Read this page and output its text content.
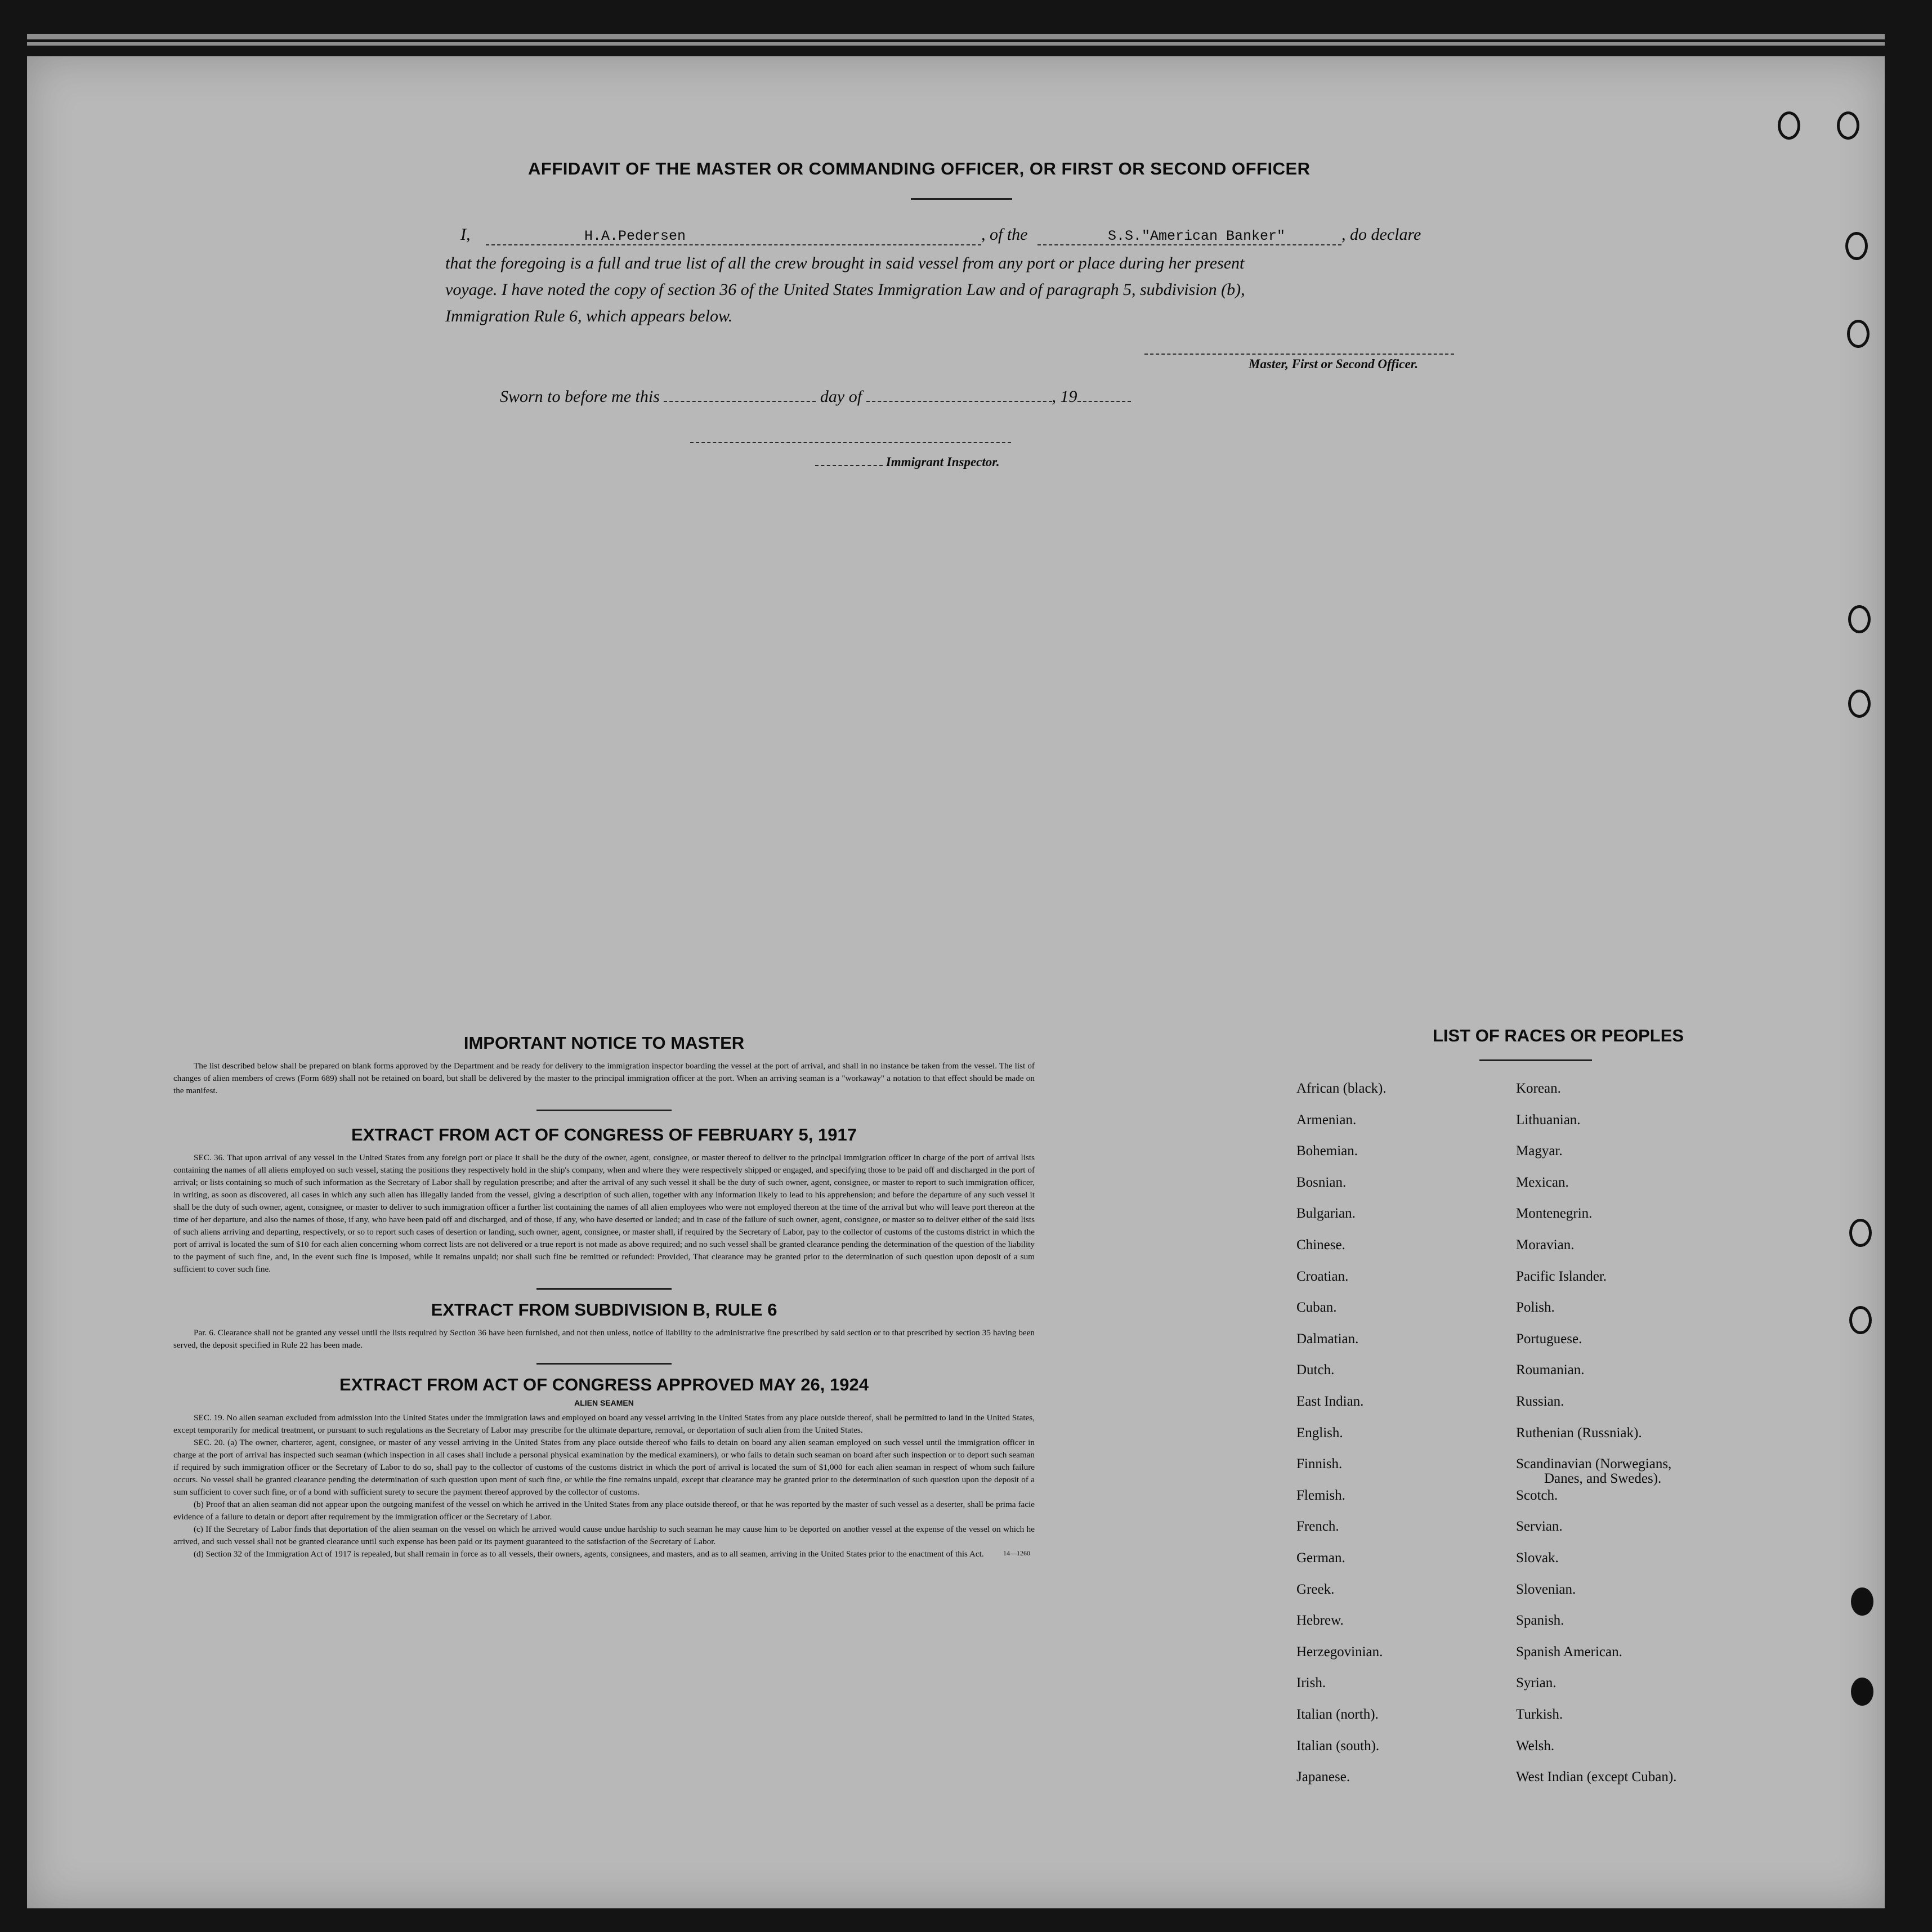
AFFIDAVIT OF THE MASTER OR COMMANDING OFFICER, OR FIRST OR SECOND OFFICER
I,	H.A.Pedersen	, of the	S.S."American Banker"	, do declare
that the foregoing is a full and true list of all the crew brought in said vessel from any port or place during her present
voyage. I have noted the copy of section 36 of the United States Immigration Law and of paragraph 5, subdivision (b),
Immigration Rule 6, which appears below.
Master, First or Second Officer.
Sworn to before me this	day of	, 19
Immigrant Inspector.
IMPORTANT NOTICE TO MASTER

The list described below shall be prepared on blank forms approved by the Department and be ready for delivery to the immigration inspector boarding the vessel at the port of arrival, and shall in no instance be taken from the vessel. The list of changes of alien members of crews (Form 689) shall not be retained on board, but shall be delivered by the master to the principal immigration officer at the port. When an arriving seaman is a "workaway" a notation to that effect should be made on the manifest.

EXTRACT FROM ACT OF CONGRESS OF FEBRUARY 5, 1917

SEC. 36. That upon arrival of any vessel in the United States from any foreign port or place it shall be the duty of the owner, agent, consignee, or master thereof to deliver to the principal immigration officer in charge of the port of arrival lists containing the names of all aliens employed on such vessel, stating the positions they respectively hold in the ship's company, when and where they were respectively shipped or engaged, and specifying those to be paid off and discharged in the port of arrival; or lists containing so much of such information as the Secretary of Labor shall by regulation prescribe; and after the arrival of any such vessel it shall be the duty of such owner, agent, consignee, or master to report to such immigration officer, in writing, as soon as discovered, all cases in which any such alien has illegally landed from the vessel, giving a description of such alien, together with any information likely to lead to his apprehension; and before the departure of any such vessel it shall be the duty of such owner, agent, consignee, or master to deliver to such immigration officer a further list containing the names of all alien employees who were not employed thereon at the time of the arrival but who will leave port thereon at the time of her departure, and also the names of those, if any, who have been paid off and discharged, and of those, if any, who have deserted or landed; and in case of the failure of such owner, agent, consignee, or master so to deliver either of the said lists of such aliens arriving and departing, respectively, or so to report such cases of desertion or landing, such owner, agent, consignee, or master shall, if required by the Secretary of Labor, pay to the collector of customs of the customs district in which the port of arrival is located the sum of $10 for each alien concerning whom correct lists are not delivered or a true report is not made as above required; and no such vessel shall be granted clearance pending the determination of the question of the liability to the payment of such fine, and, in the event such fine is imposed, while it remains unpaid; nor shall such fine be remitted or refunded: Provided, That clearance may be granted prior to the determination of such question upon deposit of a sum sufficient to cover such fine.

EXTRACT FROM SUBDIVISION B, RULE 6

Par. 6. Clearance shall not be granted any vessel until the lists required by Section 36 have been furnished, and not then unless, notice of liability to the administrative fine prescribed by said section or to that prescribed by section 35 having been served, the deposit specified in Rule 22 has been made.

EXTRACT FROM ACT OF CONGRESS APPROVED MAY 26, 1924
ALIEN SEAMEN

SEC. 19. No alien seaman excluded from admission into the United States under the immigration laws and employed on board any vessel arriving in the United States from any place outside thereof, shall be permitted to land in the United States, except temporarily for medical treatment, or pursuant to such regulations as the Secretary of Labor may prescribe for the ultimate departure, removal, or deportation of such alien from the United States.

SEC. 20. (a) The owner, charterer, agent, consignee, or master of any vessel arriving in the United States from any place outside thereof who fails to detain on board any alien seaman employed on such vessel until the immigration officer in charge at the port of arrival has inspected such seaman (which inspection in all cases shall include a personal physical examination by the medical examiners), or who fails to detain such seaman on board after such inspection or to deport such seaman if required by such immigration officer or the Secretary of Labor to do so, shall pay to the collector of customs of the customs district in which the port of arrival is located the sum of $1,000 for each alien seaman in respect of whom such failure occurs. No vessel shall be granted clearance pending the determination of such question upon ment of such fine, or while the fine remains unpaid, except that clearance may be granted prior to the determination of such question upon the deposit of a sum sufficient to cover such fine, or of a bond with sufficient surety to secure the payment thereof approved by the collector of customs.

(b) Proof that an alien seaman did not appear upon the outgoing manifest of the vessel on which he arrived in the United States from any place outside thereof, or that he was reported by the master of such vessel as a deserter, shall be prima facie evidence of a failure to detain or deport after requirement by the immigration officer or the Secretary of Labor.

(c) If the Secretary of Labor finds that deportation of the alien seaman on the vessel on which he arrived would cause undue hardship to such seaman he may cause him to be deported on another vessel at the expense of the vessel on which he arrived, and such vessel shall not be granted clearance until such expense has been paid or its payment guaranteed to the satisfaction of the Secretary of Labor.

(d) Section 32 of the Immigration Act of 1917 is repealed, but shall remain in force as to all vessels, their owners, agents, consignees, and masters, and as to all seamen, arriving in the United States prior to the enactment of this Act.	14—1260
LIST OF RACES OR PEOPLES
African (black).
Armenian.
Bohemian.
Bosnian.
Bulgarian.
Chinese.
Croatian.
Cuban.
Dalmatian.
Dutch.
East Indian.
English.
Finnish.
Flemish.
French.
German.
Greek.
Hebrew.
Herzegovinian.
Irish.
Italian (north).
Italian (south).
Japanese.
Korean.
Lithuanian.
Magyar.
Mexican.
Montenegrin.
Moravian.
Pacific Islander.
Polish.
Portuguese.
Roumanian.
Russian.
Ruthenian (Russniak).
Scandinavian (Norwegians,
Danes, and Swedes).
Scotch.
Servian.
Slovak.
Slovenian.
Spanish.
Spanish American.
Syrian.
Turkish.
Welsh.
West Indian (except Cuban).
